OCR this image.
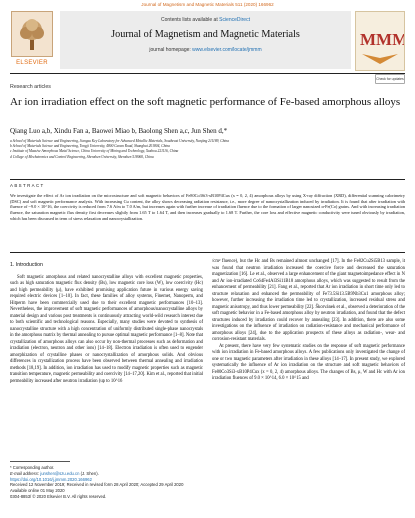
Journal of Magnetism and Magnetic Materials 511 (2020) 166962
ELSEVIER
Contents lists available at ScienceDirect
Journal of Magnetism and Magnetic Materials
journal homepage: www.elsevier.com/locate/jmmm
MMM
Check for updates
Research articles
Ar ion irradiation effect on the soft magnetic performance of Fe-based amorphous alloys
Qiang Luo a,b, Xindu Fan a, Baowei Miao b, Baolong Shen a,c, Jun Shen d,*
a School of Materials Science and Engineering, Jiangsu Key Laboratory for Advanced Metallic Materials, Southeast University, Nanjing 211189, China
b School of Materials Science and Engineering, Tongji University, 4800 Caoan Road, Shanghai 201804, China
c Institute of Massive Amorphous Metal Science, China University of Mining and Technology, Xuzhou 221116, China
d College of Mechatronics and Control Engineering, Shenzhen University, Shenzhen 518060, China
ABSTRACT
We investigate the effect of Ar ion irradiation on the microstructure and soft magnetic behaviors of Fe80Co3Si3-xB10P4Cux (x = 0, 2, 4) amorphous alloys by using X-ray diffraction (XRD), differential scanning calorimetry (DSC) and soft magnetic performance analysis. With increasing Cu content, the alloy shows decreasing radiation resistance, i.e., more degree of nanocrystallization induced by irradiation. It is found that after irradiation with fluence of ~9.0 × 10^16, the coercivity is reduced from 7.6 A/m to 7.0 A/m, but increases again with further increase of irradiation fluence due to the formation of larger nanosized α-Fe(Co) grains. And with increasing irradiation fluence, the saturation magnetic flux density first decreases slightly from 1.65 T to 1.64 T, and then increases gradually to 1.68 T. Further, the core loss and effective magnetic conductivity were tuned obviously by irradiation, which has been discussed in term of stress relaxation and nanocrystallization.

1. Introduction

Soft magnetic amorphous and related nanocrystalline alloys with excellent magnetic properties, such as high saturation magnetic flux density (Bs), low magnetic core loss (W), low coercivity (Hc) and high permeability (μ), have exhibited promising application future in various energy saving required electric devices [1–10]. In fact, these families of alloy systems, Finemet, Nanoperm, and Hitperm have been commercially used due to their excellent magnetic performances [10–13]. Nevertheless, the improvement of soft magnetic performances of amorphous/nanocrystalline alloys by material design and various post treatments is continuously attracting world-wild research interest due to both scientific and technological reasons. Especially, many studies were devoted to synthesis of nanocrystalline structure with a high concentration of uniformly distributed single-phase nanocrystals in the amorphous matrix by thermal annealing to pursue optimal magnetic performance [1–8]. Note that crystallization of amorphous alloys can also occur by non-thermal processes such as deformation and irradiation (electron, neutron and other ions) [14–18]. Electron irradiation is often used to engender amorphization of crystalline phases or nanocrystallization of amorphous solids. And obvious differences in crystallization process have been observed between thermal annealing and irradiation methods [18,19]. In addition, ion irradiation has used to modify magnetic properties such as magnetic transition temperature, magnetic permeability and coercivity [14–17,20]. Kim et al., reported that initial permeability increased after neutron irradiation (up to 10^16

/cm² fluence), but the Hc and Bs remained almost unchanged [17]. In the Fe82Cu2Si5B13 sample, it was found that neutron irradiation increased the coercive force and decreased the saturation magnetization [16]. Le et al., observed a large enhancement of the giant magnetoimpedance effect in N and Ar ion-irradiated Co64Fe4Al3Si11B18 amorphous alloys, which was suggested to result from the enhancement of permeability [21]. Fang et al., reported that Ar ion irradiation in short time only led to structure relaxation and enhanced the permeability of Fe73.5Si13.5B9Nb3Cu1 amorphous alloy; however, further increasing the irradiation time led to crystallization, increased residual stress and magnetic anisotropy, and thus lower permeability [22]. Škorvánek et al., observed a deterioration of the soft magnetic behavior in a Fe-based amorphous alloy by neutron irradiation, and found that the defect structures induced by irradiation could recover by annealing [23]. In addition, there are also some investigations on the influence of irradiation on radiation-resistance and mechanical performance of amorphous alloys [24], due to the application prospects of these alloys as radiation-, wear- and corrosion-resistant materials.

At present, there have very few systematic studies on the response of soft magnetic performance with ion irradiation in Fe-based amorphous alloys. A few publications only investigated the change of one or two magnetic parameters after irradiation in these alloys [14–17]. In present study, we explored systematically the influence of Ar ion irradiation on the structure and soft magnetic behaviors of Fe80Co3Si3-xB10P4Cux (x = 0, 2, 4) amorphous alloys. The changes of Bs, μ, W and Hc with Ar ion irradiation fluences of 9.0 × 10^14, 6.0 × 10^15 and

* Corresponding author.
E-mail address: junshen@szu.edu.cn (J. Shen).
https://doi.org/10.1016/j.jmmm.2020.166962
Received 12 November 2019; Received in revised form 28 April 2020; Accepted 29 April 2020
Available online 01 May 2020
0304-8853/ © 2020 Elsevier B.V. All rights reserved.
